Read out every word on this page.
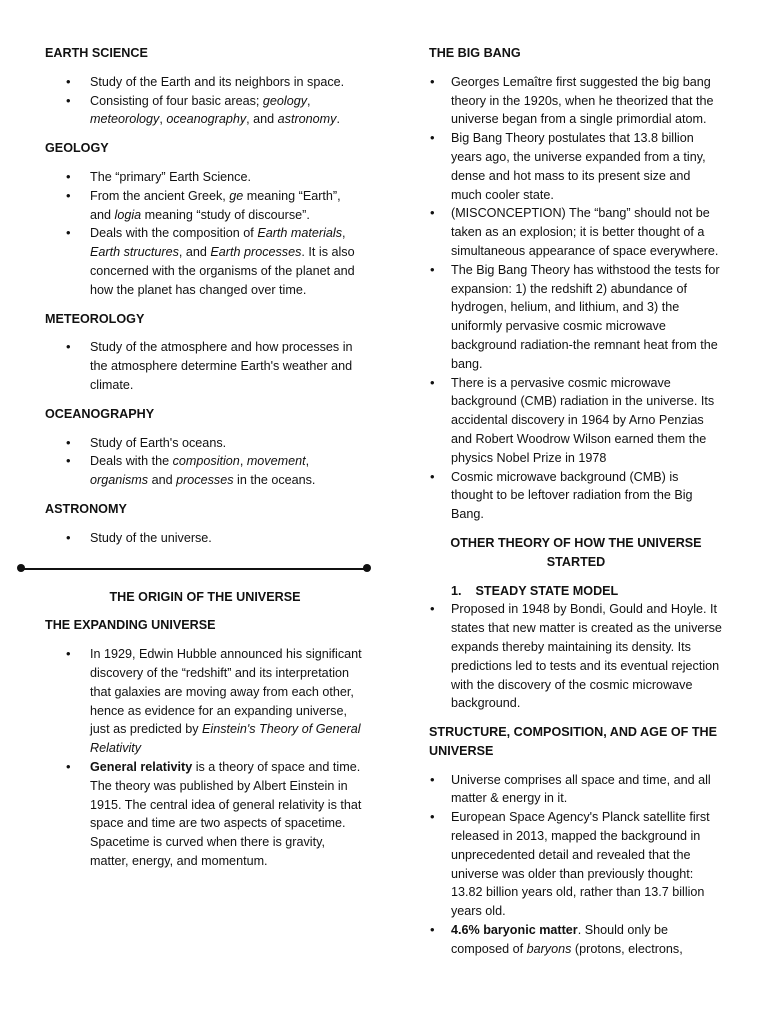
EARTH SCIENCE
• Study of the Earth and its neighbors in space.
• Consisting of four basic areas; geology, meteorology, oceanography, and astronomy.
GEOLOGY
• The “primary” Earth Science.
• From the ancient Greek, ge meaning “Earth”, and logia meaning “study of discourse”.
• Deals with the composition of Earth materials, Earth structures, and Earth processes. It is also concerned with the organisms of the planet and how the planet has changed over time.
METEOROLOGY
• Study of the atmosphere and how processes in the atmosphere determine Earth's weather and climate.
OCEANOGRAPHY
• Study of Earth's oceans.
• Deals with the composition, movement, organisms and processes in the oceans.
ASTRONOMY
• Study of the universe.
THE ORIGIN OF THE UNIVERSE
THE EXPANDING UNIVERSE
• In 1929, Edwin Hubble announced his significant discovery of the “redshift” and its interpretation that galaxies are moving away from each other, hence as evidence for an expanding universe, just as predicted by Einstein's Theory of General Relativity
• General relativity is a theory of space and time. The theory was published by Albert Einstein in 1915. The central idea of general relativity is that space and time are two aspects of spacetime. Spacetime is curved when there is gravity, matter, energy, and momentum.
THE BIG BANG
• Georges Lemaître first suggested the big bang theory in the 1920s, when he theorized that the universe began from a single primordial atom.
• Big Bang Theory postulates that 13.8 billion years ago, the universe expanded from a tiny, dense and hot mass to its present size and much cooler state.
• (MISCONCEPTION) The “bang” should not be taken as an explosion; it is better thought of a simultaneous appearance of space everywhere.
• The Big Bang Theory has withstood the tests for expansion: 1) the redshift 2) abundance of hydrogen, helium, and lithium, and 3) the uniformly pervasive cosmic microwave background radiation-the remnant heat from the bang.
• There is a pervasive cosmic microwave background (CMB) radiation in the universe. Its accidental discovery in 1964 by Arno Penzias and Robert Woodrow Wilson earned them the physics Nobel Prize in 1978
• Cosmic microwave background (CMB) is thought to be leftover radiation from the Big Bang.
OTHER THEORY OF HOW THE UNIVERSE STARTED
1. STEADY STATE MODEL
• Proposed in 1948 by Bondi, Gould and Hoyle. It states that new matter is created as the universe expands thereby maintaining its density. Its predictions led to tests and its eventual rejection with the discovery of the cosmic microwave background.
STRUCTURE, COMPOSITION, AND AGE OF THE UNIVERSE
• Universe comprises all space and time, and all matter & energy in it.
• European Space Agency's Planck satellite first released in 2013, mapped the background in unprecedented detail and revealed that the universe was older than previously thought: 13.82 billion years old, rather than 13.7 billion years old.
• 4.6% baryonic matter. Should only be composed of baryons (protons, electrons,
